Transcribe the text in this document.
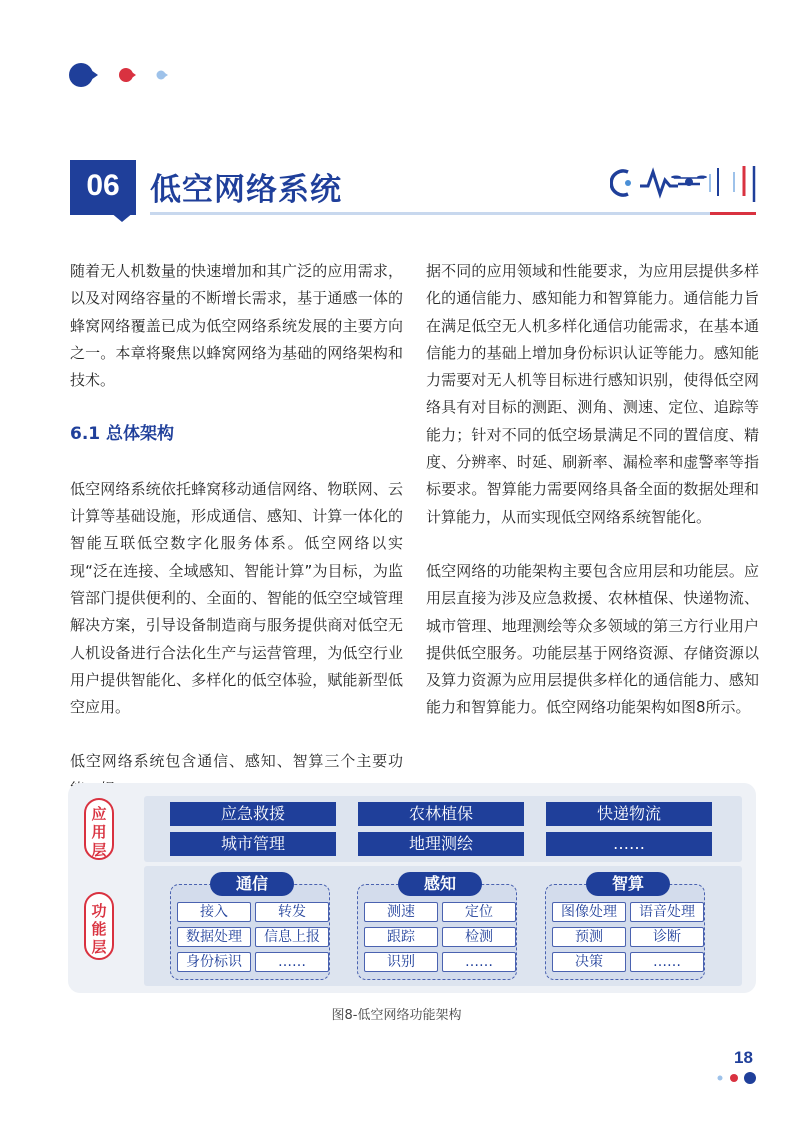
06 低空网络系统

随着无人机数量的快速增加和其广泛的应用需求，以及对网络容量的不断增长需求，基于通感一体的蜂窝网络覆盖已成为低空网络系统发展的主要方向之一。本章将聚焦以蜂窝网络为基础的网络架构和技术。

6.1 总体架构

低空网络系统依托蜂窝移动通信网络、物联网、云计算等基础设施，形成通信、感知、计算一体化的智能互联低空数字化服务体系。低空网络以实现“泛在连接、全域感知、智能计算”为目标，为监管部门提供便利的、全面的、智能的低空空域管理解决方案，引导设备制造商与服务提供商对低空无人机设备进行合法化生产与运营管理，为低空行业用户提供智能化、多样化的低空体验，赋能新型低空应用。

低空网络系统包含通信、感知、智算三个主要功

据不同的应用领域和性能要求，为应用层提供多样化的通信能力、感知能力和智算能力。通信能力旨在满足低空无人机多样化通信功能需求，在基本通信能力的基础上增加身份标识认证等能力。感知能力需要对无人机等目标进行感知识别，使得低空网络具有对目标的测距、测角、测速、定位、追踪等能力；针对不同的低空场景满足不同的置信度、精度、分辨率、时延、刷新率、漏检率和虚警率等指标要求。智算能力需要网络具备全面的数据处理和计算能力，从而实现低空网络系统智能化。

低空网络的功能架构主要包含应用层和功能层。应用层直接为涉及应急救援、农林植保、快递物流、城市管理、地理测绘等众多领域的第三方行业用户提供低空服务。功能层基于网络资源、存储资源以及算力资源为应用层提供多样化的通信能力、感知能力和智算能力。低空网络功能架构如图8所示。

应
用
层
功
能
层
应急救援	农林植保	快递物流
城市管理	地理测绘	……
通信
接入	转发
数据处理	信息上报
身份标识	……
感知
测速	定位
跟踪	检测
识别	……
智算
图像处理	语音处理
预测	诊断
决策	……
图8-低空网络功能架构
18
